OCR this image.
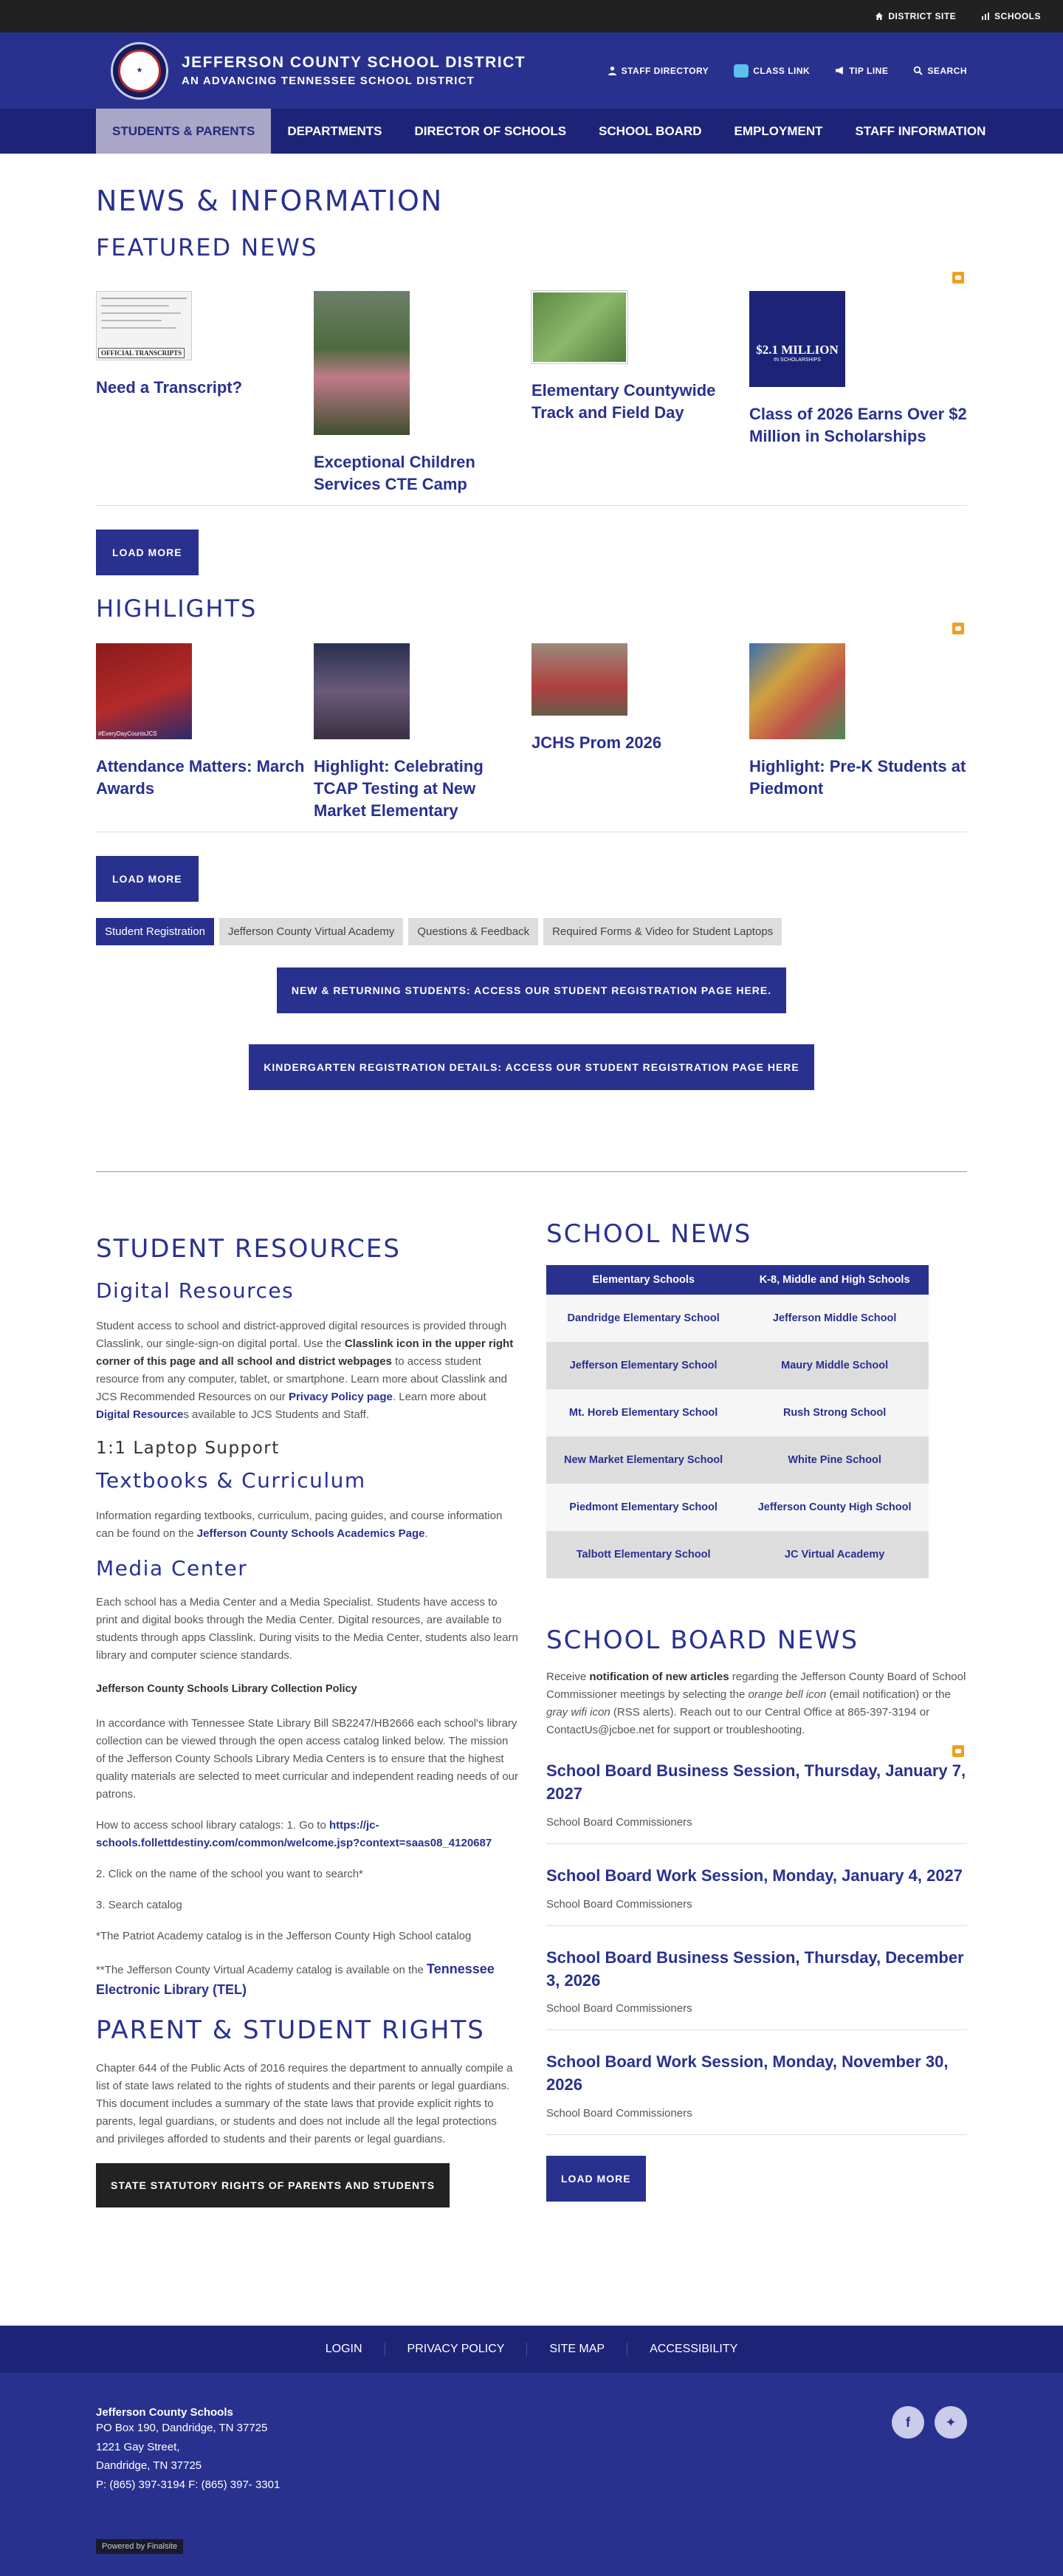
DISTRICT SITE	SCHOOLS
★	JEFFERSON COUNTY SCHOOL DISTRICT
AN ADVANCING TENNESSEE SCHOOL DISTRICT
STAFF DIRECTORY	CLASS LINK	TIP LINE	SEARCH
STUDENTS & PARENTS	DEPARTMENTS	DIRECTOR OF SCHOOLS	SCHOOL BOARD	EMPLOYMENT	STAFF INFORMATION
NEWS & INFORMATION
FEATURED NEWS
OFFICIAL TRANSCRIPTS
Need a Transcript?
Exceptional Children Services CTE Camp
Elementary Countywide Track and Field Day
$2.1 MILLION
IN SCHOLARSHIPS
Class of 2026 Earns Over $2 Million in Scholarships
LOAD MORE
HIGHLIGHTS
#EveryDayCountsJCS
Attendance Matters: March Awards
Highlight: Celebrating TCAP Testing at New Market Elementary
JCHS Prom 2026
Highlight: Pre-K Students at Piedmont
LOAD MORE
Student Registration	Jefferson County Virtual Academy	Questions & Feedback	Required Forms & Video for Student Laptops
NEW & RETURNING STUDENTS: ACCESS OUR STUDENT REGISTRATION PAGE HERE.
KINDERGARTEN REGISTRATION DETAILS: ACCESS OUR STUDENT REGISTRATION PAGE HERE
STUDENT RESOURCES
Digital Resources

Student access to school and district-approved digital resources is provided through Classlink, our single-sign-on digital portal. Use the Classlink icon in the upper right corner of this page and all school and district webpages to access student resource from any computer, tablet, or smartphone. Learn more about Classlink and JCS Recommended Resources on our Privacy Policy page. Learn more about Digital Resources available to JCS Students and Staff.

1:1 Laptop Support
Textbooks & Curriculum

Information regarding textbooks, curriculum, pacing guides, and course information can be found on the Jefferson County Schools Academics Page.

Media Center

Each school has a Media Center and a Media Specialist. Students have access to print and digital books through the Media Center. Digital resources, are available to students through apps Classlink. During visits to the Media Center, students also learn library and computer science standards.

Jefferson County Schools Library Collection Policy

In accordance with Tennessee State Library Bill SB2247/HB2666 each school's library collection can be viewed through the open access catalog linked below. The mission of the Jefferson County Schools Library Media Centers is to ensure that the highest quality materials are selected to meet curricular and independent reading needs of our patrons.

How to access school library catalogs: 1. Go to https://jc-schools.follettdestiny.com/common/welcome.jsp?context=saas08_4120687

2. Click on the name of the school you want to search*

3. Search catalog

*The Patriot Academy catalog is in the Jefferson County High School catalog

**The Jefferson County Virtual Academy catalog is available on the Tennessee Electronic Library (TEL)

PARENT & STUDENT RIGHTS

Chapter 644 of the Public Acts of 2016 requires the department to annually compile a list of state laws related to the rights of students and their parents or legal guardians. This document includes a summary of the state laws that provide explicit rights to parents, legal guardians, or students and does not include all the legal protections and privileges afforded to students and their parents or legal guardians.

STATE STATUTORY RIGHTS OF PARENTS AND STUDENTS
SCHOOL NEWS
Elementary Schools	K-8, Middle and High Schools
Dandridge Elementary School	Jefferson Middle School
Jefferson Elementary School	Maury Middle School
Mt. Horeb Elementary School	Rush Strong School
New Market Elementary School	White Pine School
Piedmont Elementary School	Jefferson County High School
Talbott Elementary School	JC Virtual Academy
SCHOOL BOARD NEWS

Receive notification of new articles regarding the Jefferson County Board of School Commissioner meetings by selecting the orange bell icon (email notification) or the gray wifi icon (RSS alerts). Reach out to our Central Office at 865-397-3194 or ContactUs@jcboe.net for support or troubleshooting.

School Board Business Session, Thursday, January 7, 2027
School Board Commissioners
School Board Work Session, Monday, January 4, 2027
School Board Commissioners
School Board Business Session, Thursday, December 3, 2026
School Board Commissioners
School Board Work Session, Monday, November 30, 2026
School Board Commissioners
LOAD MORE
LOGIN	PRIVACY POLICY	SITE MAP	ACCESSIBILITY
Jefferson County Schools
PO Box 190, Dandridge, TN 37725
1221 Gay Street,
Dandridge, TN 37725
P: (865) 397-3194 F: (865) 397- 3301
f	✦
Powered by Finalsite
